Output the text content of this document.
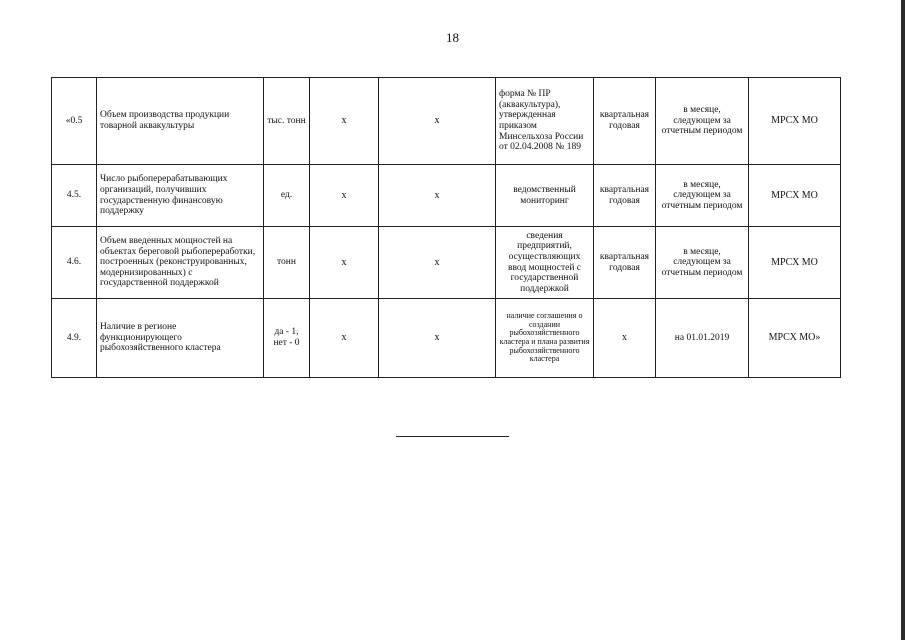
18
«0.5	Объем производства продукции товарной аквакультуры	тыс. тонн	х	х	форма № ПР (аквакультура), утвержденная приказом Минсельхоза России от 02.04.2008 № 189	квартальная годовая	в месяце, следующем за отчетным периодом	МРСХ МО
4.5.	Число рыбоперерабатывающих организаций, получивших государственную финансовую поддержку	ед.	х	х	ведомственный мониторинг	квартальная годовая	в месяце, следующем за отчетным периодом	МРСХ МО
4.6.	Объем введенных мощностей на объектах береговой рыбопереработки, построенных (реконструированных, модернизированных) с государственной поддержкой	тонн	х	х	сведения предприятий, осуществляющих ввод мощностей с государственной поддержкой	квартальная годовая	в месяце, следующем за отчетным периодом	МРСХ МО
4.9.	Наличие в регионе функционирующего рыбохозяйственного кластера	да - 1, нет - 0	х	х	наличие соглашения о создании рыбохозяйственного кластера и плана развития рыбохозяйственного кластера	х	на 01.01.2019	МРСХ МО»
